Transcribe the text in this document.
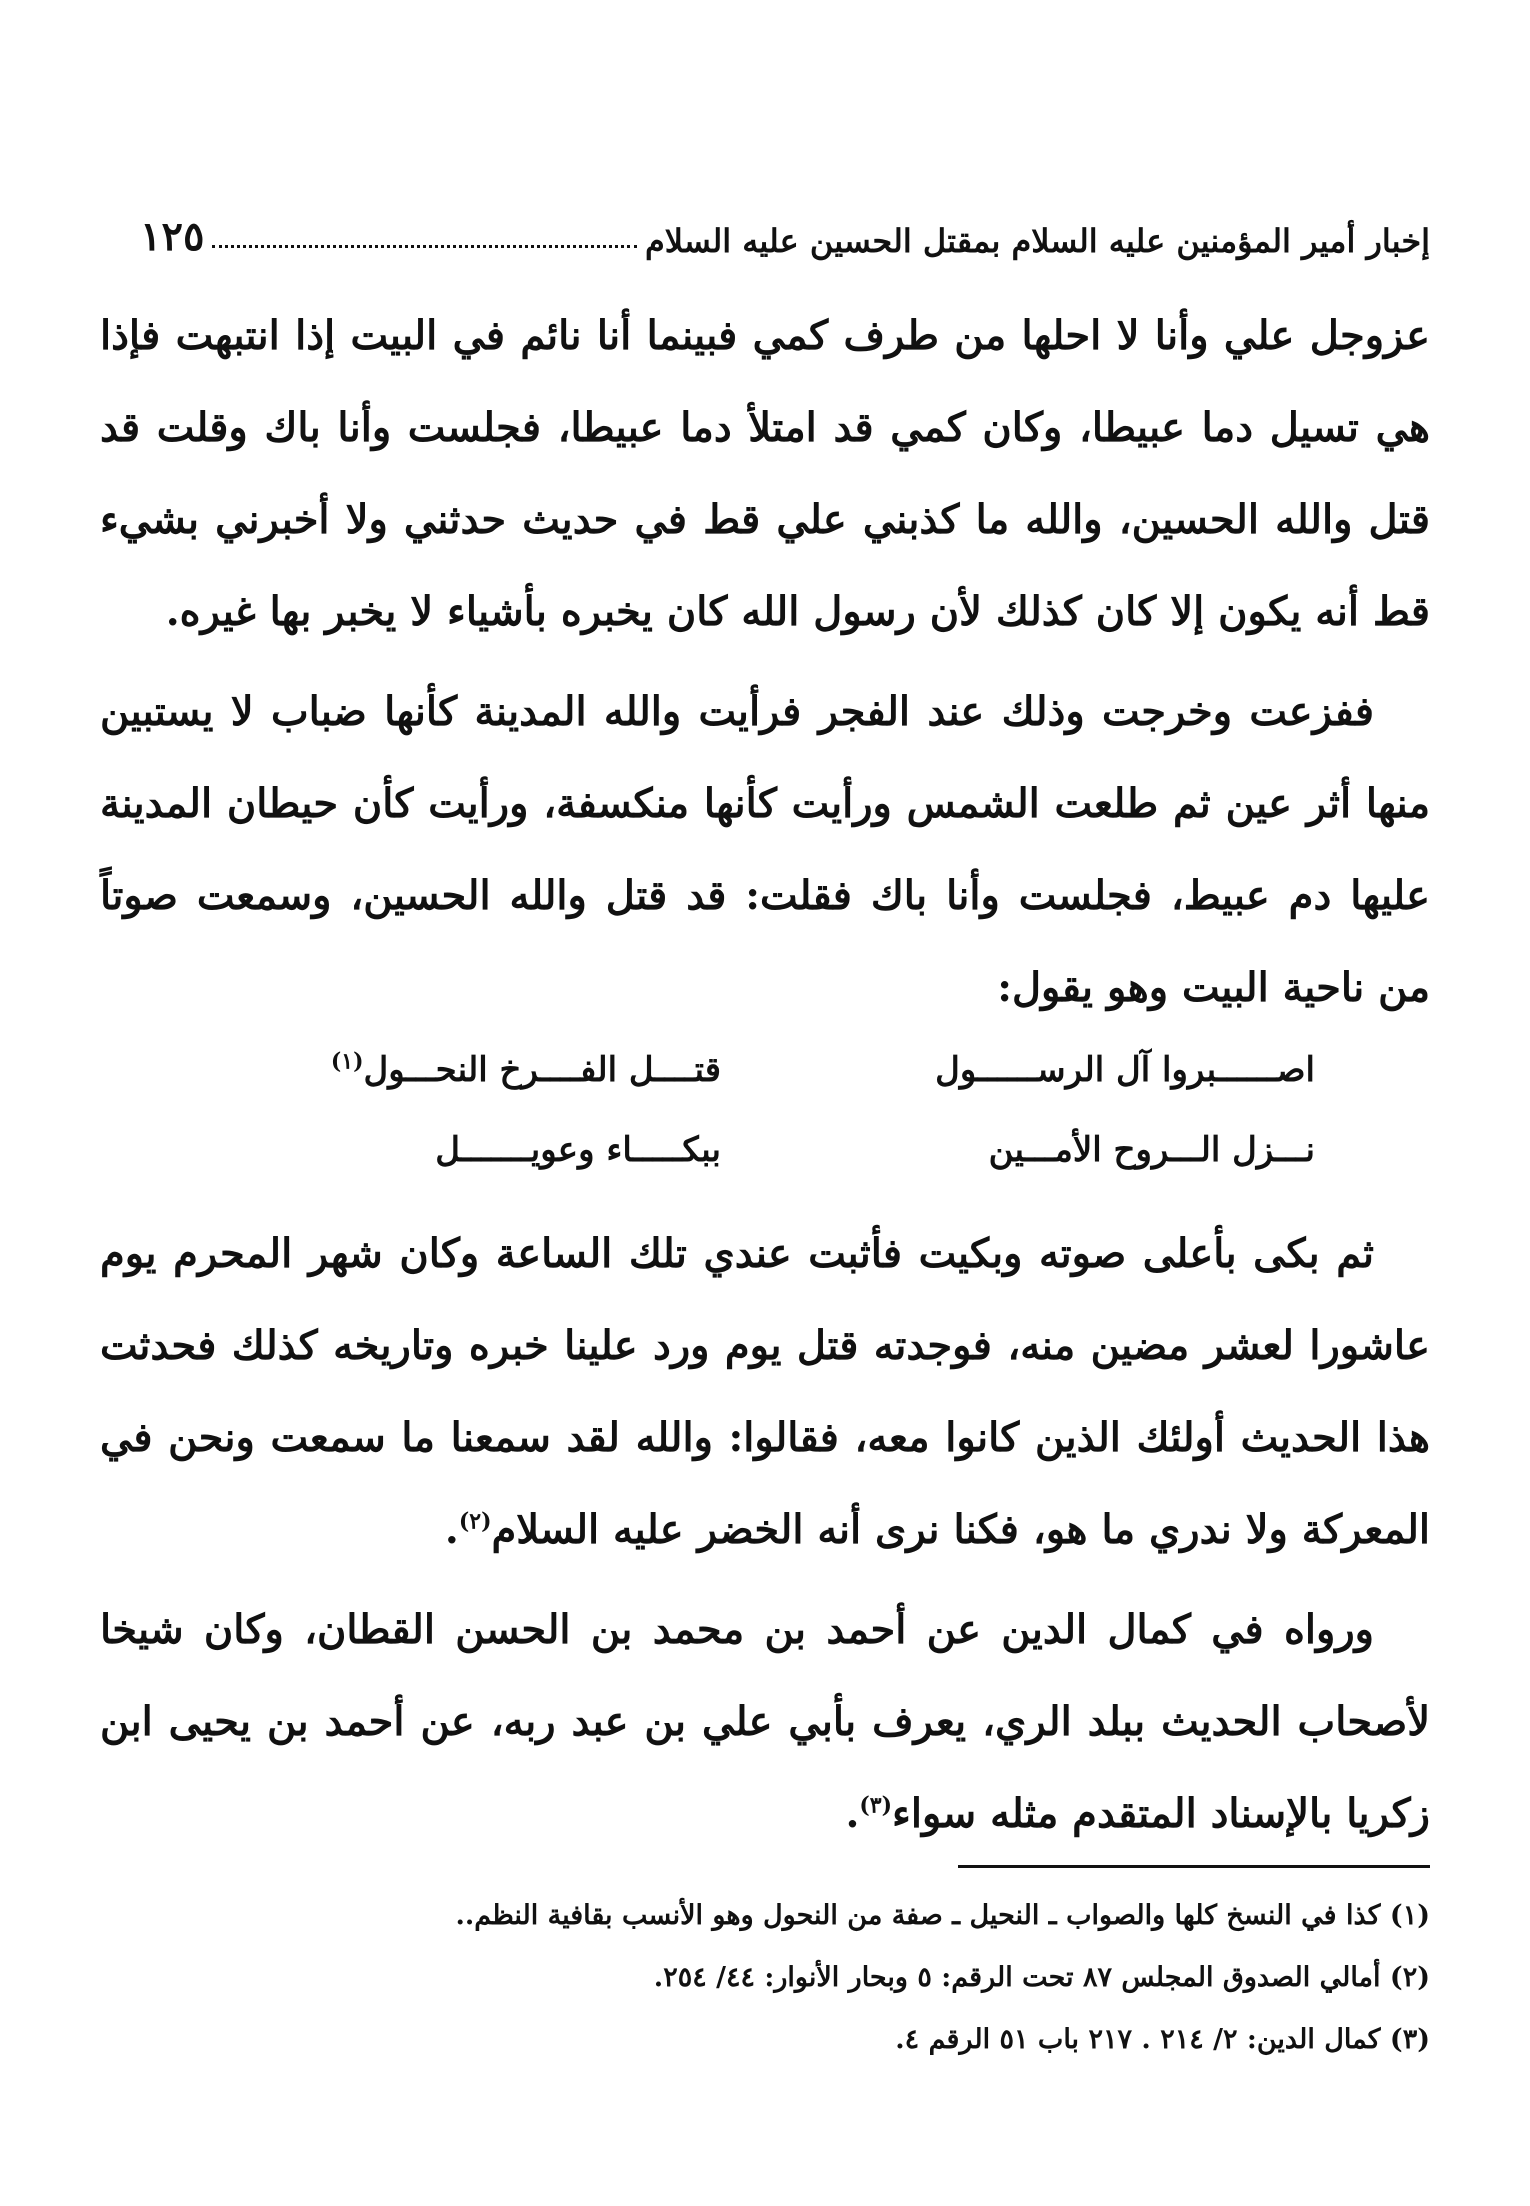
إخبار أمير المؤمنين عليه السلام بمقتل الحسين عليه السلام
١٢٥

عزوجل علي وأنا لا احلها من طرف كمي فبينما أنا نائم في البيت إذا انتبهت فإذا هي تسيل دما عبيطا، وكان كمي قد امتلأ دما عبيطا، فجلست وأنا باك وقلت قد قتل والله الحسين، والله ما كذبني علي قط في حديث حدثني ولا أخبرني بشيء قط أنه يكون إلا كان كذلك لأن رسول الله كان يخبره بأشياء لا يخبر بها غيره.

ففزعت وخرجت وذلك عند الفجر فرأيت والله المدينة كأنها ضباب لا يستبين منها أثر عين ثم طلعت الشمس ورأيت كأنها منكسفة، ورأيت كأن حيطان المدينة عليها دم عبيط، فجلست وأنا باك فقلت: قد قتل والله الحسين، وسمعت صوتاً من ناحية البيت وهو يقول:

اصــــــبروا آل الرســــــول
قتــــل الفــــرخ النحـــول$^{(١)}$
نـــزل الـــروح الأمـــين
ببكـــــاء وعويـــــــل

ثم بكى بأعلى صوته وبكيت فأثبت عندي تلك الساعة وكان شهر المحرم يوم عاشورا لعشر مضين منه، فوجدته قتل يوم ورد علينا خبره وتاريخه كذلك فحدثت هذا الحديث أولئك الذين كانوا معه، فقالوا: والله لقد سمعنا ما سمعت ونحن في المعركة ولا ندري ما هو، فكنا نرى أنه الخضر عليه السلام$^{(٢)}$.

ورواه في كمال الدين عن أحمد بن محمد بن الحسن القطان، وكان شيخا لأصحاب الحديث ببلد الري، يعرف بأبي علي بن عبد ربه، عن أحمد بن يحيى ابن زكريا بالإسناد المتقدم مثله سواء$^{(٣)}$.

(١) كذا في النسخ كلها والصواب ـ النحيل ـ صفة من النحول وهو الأنسب بقافية النظم..

(٢) أمالي الصدوق المجلس ٨٧ تحت الرقم: ٥ وبحار الأنوار: ٤٤/ ٢٥٤.

(٣) كمال الدين: ٢/ ٢١٤ . ٢١٧ باب ٥١ الرقم ٤.
